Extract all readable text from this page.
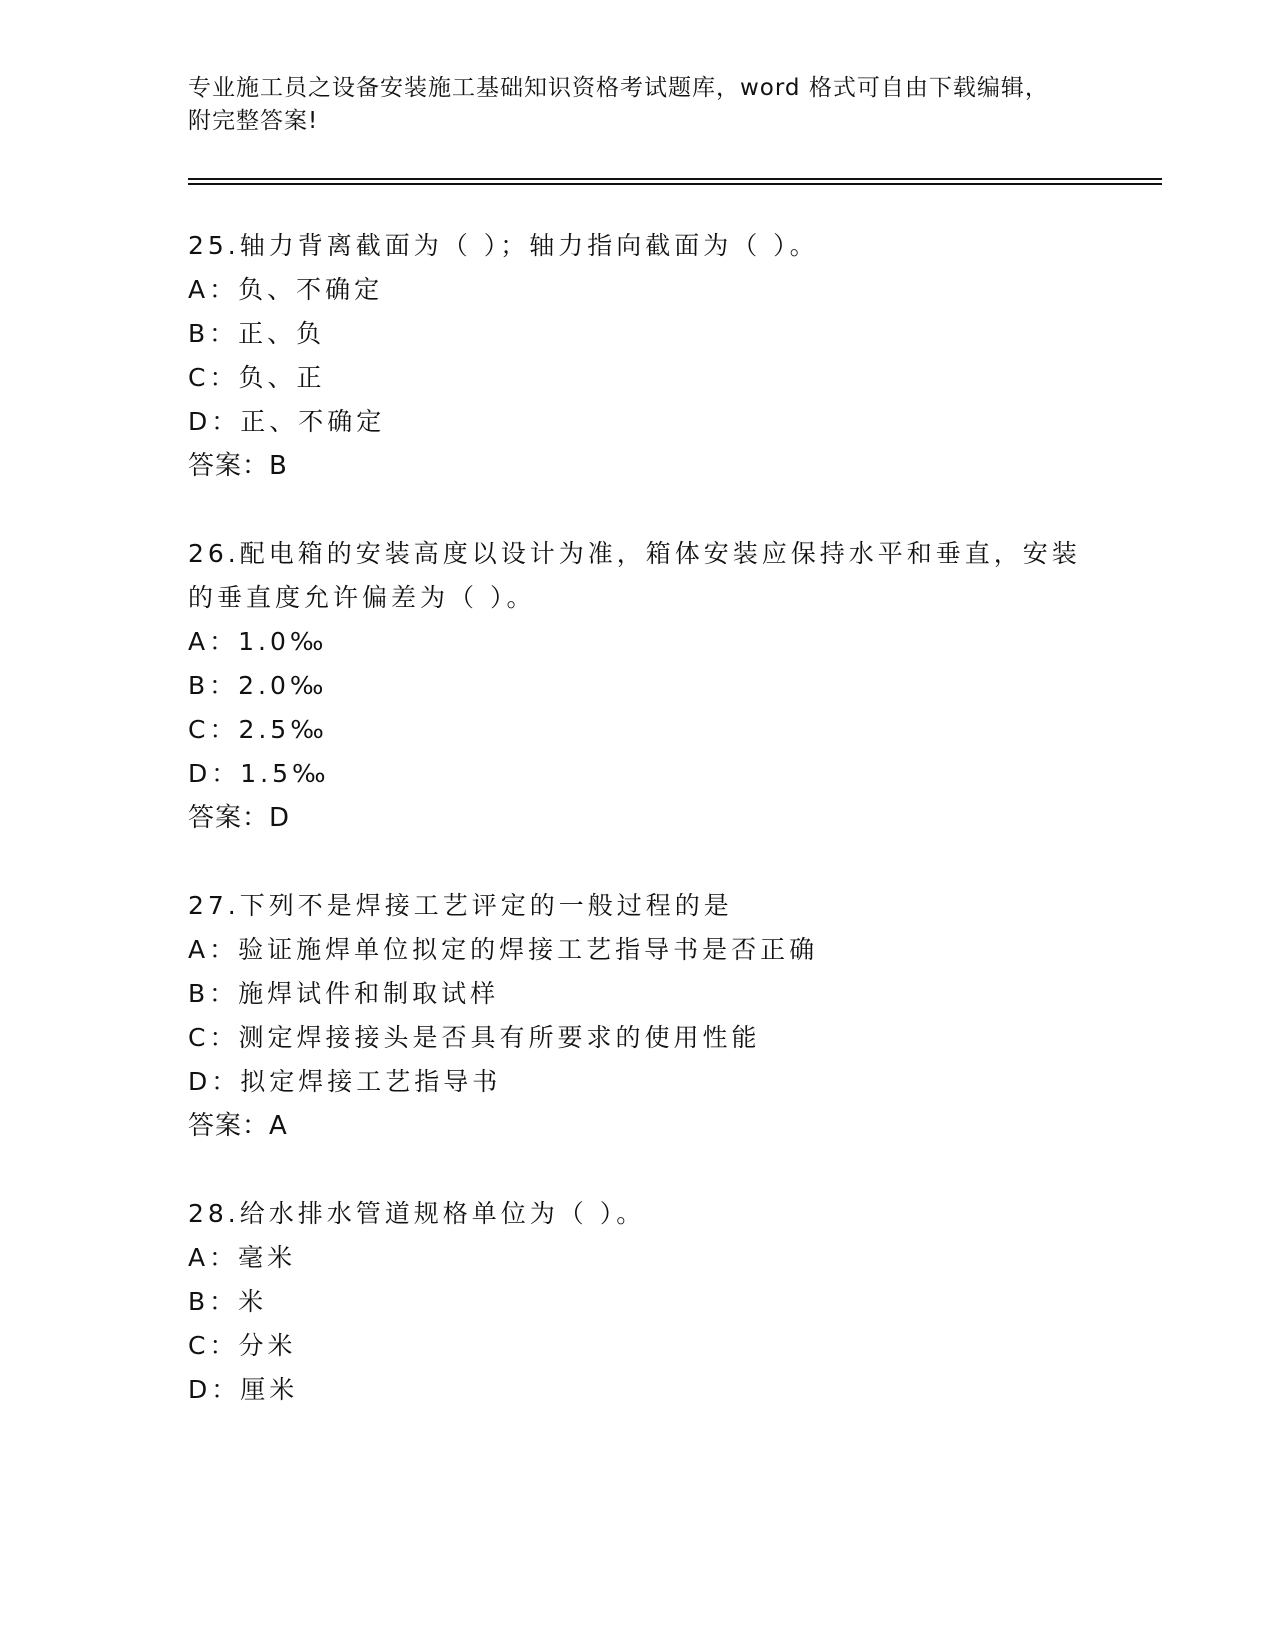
专业施工员之设备安装施工基础知识资格考试题库，word 格式可自由下载编辑，
附完整答案!
25.轴力背离截面为（ ）；轴力指向截面为（ ）。
A：负、不确定
B：正、负
C：负、正
D：正、不确定
答案：B
26.配电箱的安装高度以设计为准，箱体安装应保持水平和垂直，安装
的垂直度允许偏差为（ ）。
A：1.0‰
B：2.0‰
C：2.5‰
D：1.5‰
答案：D
27.下列不是焊接工艺评定的一般过程的是
A：验证施焊单位拟定的焊接工艺指导书是否正确
B：施焊试件和制取试样
C：测定焊接接头是否具有所要求的使用性能
D：拟定焊接工艺指导书
答案：A
28.给水排水管道规格单位为（ ）。
A：毫米
B：米
C：分米
D：厘米
